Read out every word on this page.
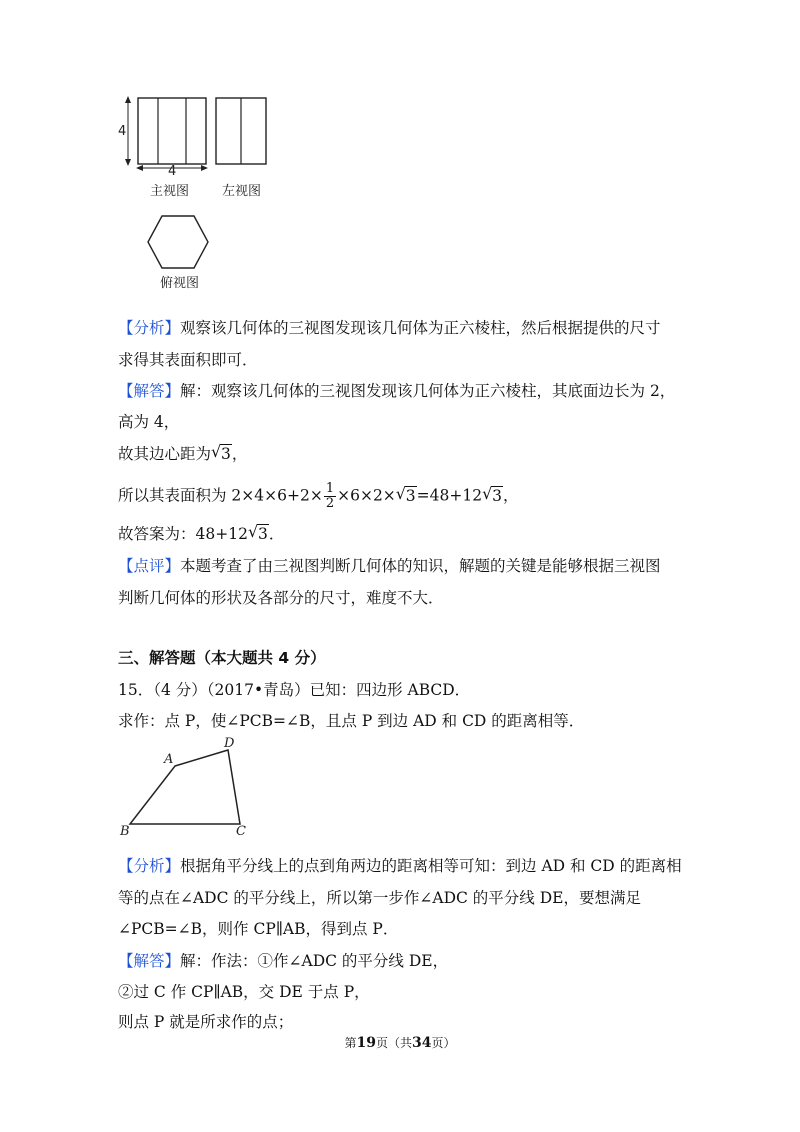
4
4
主视图	左视图
俯视图
【分析】观察该几何体的三视图发现该几何体为正六棱柱，然后根据提供的尺寸
求得其表面积即可．
【解答】解：观察该几何体的三视图发现该几何体为正六棱柱，其底面边长为 2，
高为 4，
故其边心距为 √ 3，
所以其表面积为 $2\times 4\times 6+2\times \frac{1}{2} \times 6\times 2\times$ √ 3=48+12 √ 3，
故答案为：48+12 √ 3．
【点评】本题考查了由三视图判断几何体的知识，解题的关键是能够根据三视图
判断几何体的形状及各部分的尺寸，难度不大．
三、解答题（本大题共 4 分）
15．（4 分）（2017•青岛）已知：四边形 ABCD．
求作：点 P，使∠PCB=∠B，且点 P 到边 AD 和 CD 的距离相等．
A
D
B	C
【分析】根据角平分线上的点到角两边的距离相等可知：到边 AD 和 CD 的距离相
等的点在∠ADC 的平分线上，所以第一步作∠ADC 的平分线 DE，要想满足
∠PCB=∠B，则作 CP∥AB，得到点 P．
【解答】解：作法：①作∠ADC 的平分线 DE，
②过 C 作 CP∥AB，交 DE 于点 P，
则点 P 就是所求作的点；
第19页（共34页）
